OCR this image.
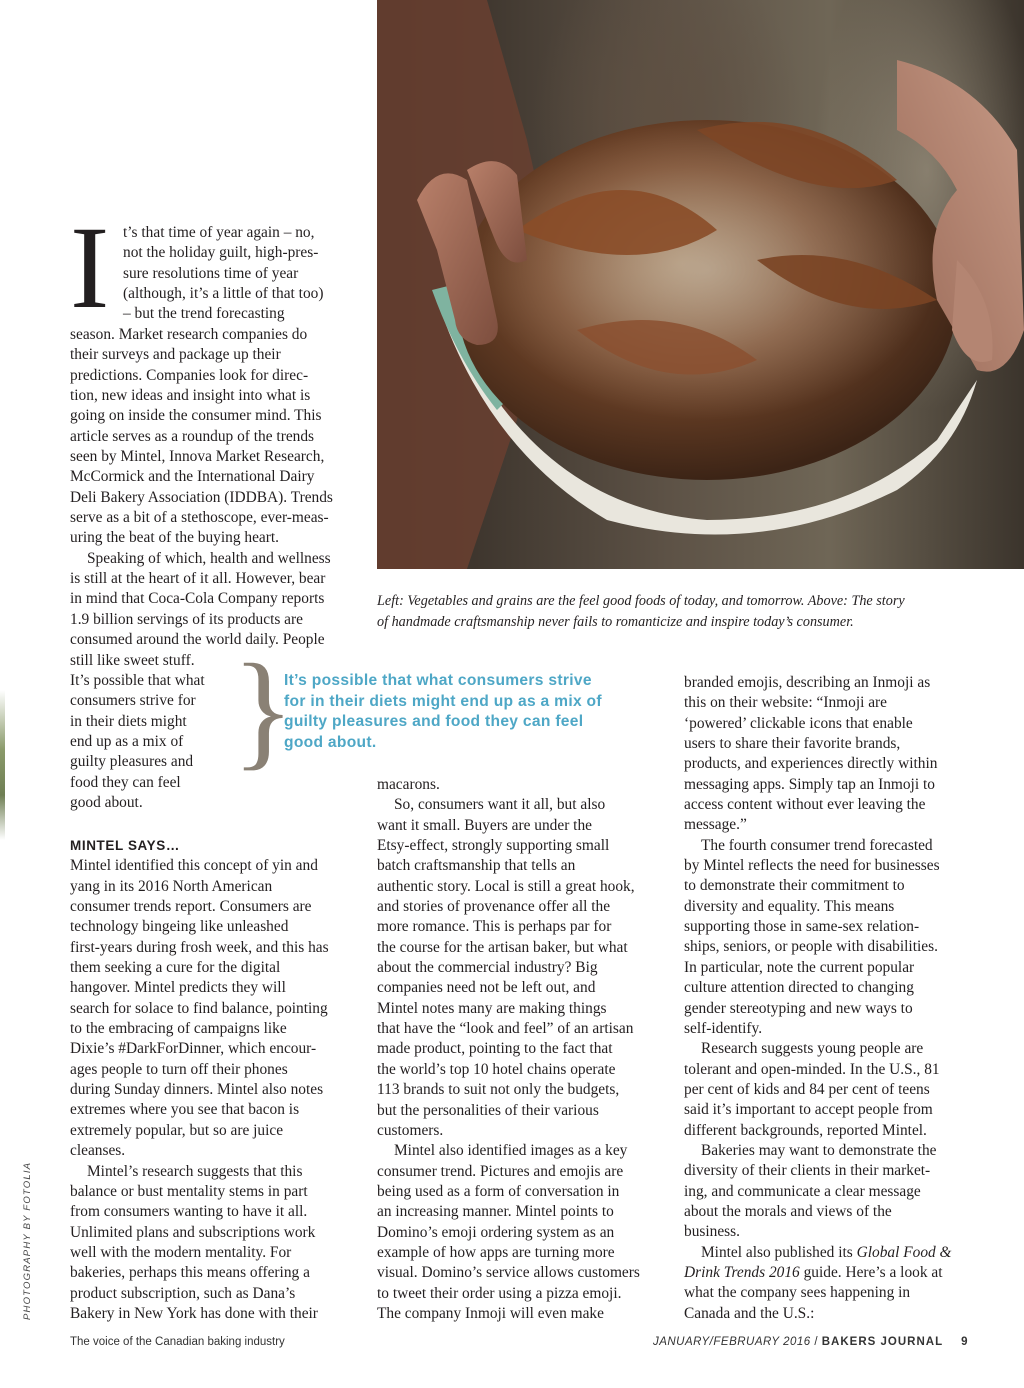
I t’s that time of year again – no,
not the holiday guilt, high-pres-
sure resolutions time of year
(although, it’s a little of that too)
– but the trend forecasting
season. Market research companies do
their surveys and package up their
predictions. Companies look for direc-
tion, new ideas and insight into what is
going on inside the consumer mind. This
article serves as a roundup of the trends
seen by Mintel, Innova Market Research,
McCormick and the International Dairy
Deli Bakery Association (IDDBA). Trends
serve as a bit of a stethoscope, ever-meas-
uring the beat of the buying heart.
Speaking of which, health and wellness
is still at the heart of it all. However, bear
in mind that Coca-Cola Company reports
1.9 billion servings of its products are
consumed around the world daily. People
still like sweet stuff.
It’s possible that what
consumers strive for
in their diets might
end up as a mix of
guilty pleasures and
food they can feel
good about.
MINTEL SAYS…
Mintel identified this concept of yin and
yang in its 2016 North American
consumer trends report. Consumers are
technology bingeing like unleashed
first-years during frosh week, and this has
them seeking a cure for the digital
hangover. Mintel predicts they will
search for solace to find balance, pointing
to the embracing of campaigns like
Dixie’s #DarkForDinner, which encour-
ages people to turn off their phones
during Sunday dinners. Mintel also notes
extremes where you see that bacon is
extremely popular, but so are juice
cleanses.
Mintel’s research suggests that this
balance or bust mentality stems in part
from consumers wanting to have it all.
Unlimited plans and subscriptions work
well with the modern mentality. For
bakeries, perhaps this means offering a
product subscription, such as Dana’s
Bakery in New York has done with their
Left: Vegetables and grains are the feel good foods of today, and tomorrow. Above: The story
of handmade craftsmanship never fails to romanticize and inspire today’s consumer.
}
It’s possible that what consumers strive
for in their diets might end up as a mix of
guilty pleasures and food they can feel
good about.
macarons.
So, consumers want it all, but also
want it small. Buyers are under the
Etsy-effect, strongly supporting small
batch craftsmanship that tells an
authentic story. Local is still a great hook,
and stories of provenance offer all the
more romance. This is perhaps par for
the course for the artisan baker, but what
about the commercial industry? Big
companies need not be left out, and
Mintel notes many are making things
that have the “look and feel” of an artisan
made product, pointing to the fact that
the world’s top 10 hotel chains operate
113 brands to suit not only the budgets,
but the personalities of their various
customers.
Mintel also identified images as a key
consumer trend. Pictures and emojis are
being used as a form of conversation in
an increasing manner. Mintel points to
Domino’s emoji ordering system as an
example of how apps are turning more
visual. Domino’s service allows customers
to tweet their order using a pizza emoji.
The company Inmoji will even make
branded emojis, describing an Inmoji as
this on their website: “Inmoji are
‘powered’ clickable icons that enable
users to share their favorite brands,
products, and experiences directly within
messaging apps. Simply tap an Inmoji to
access content without ever leaving the
message.”
The fourth consumer trend forecasted
by Mintel reflects the need for businesses
to demonstrate their commitment to
diversity and equality. This means
supporting those in same-sex relation-
ships, seniors, or people with disabilities.
In particular, note the current popular
culture attention directed to changing
gender stereotyping and new ways to
self-identify.
Research suggests young people are
tolerant and open-minded. In the U.S., 81
per cent of kids and 84 per cent of teens
said it’s important to accept people from
different backgrounds, reported Mintel.
Bakeries may want to demonstrate the
diversity of their clients in their market-
ing, and communicate a clear message
about the morals and views of the
business.
Mintel also published its Global Food &
Drink Trends 2016 guide. Here’s a look at
what the company sees happening in
Canada and the U.S.:
PHOTOGRAPHY BY FOTOLIA
The voice of the Canadian baking industry	JANUARY/FEBRUARY 2016 / BAKERS JOURNAL 9
